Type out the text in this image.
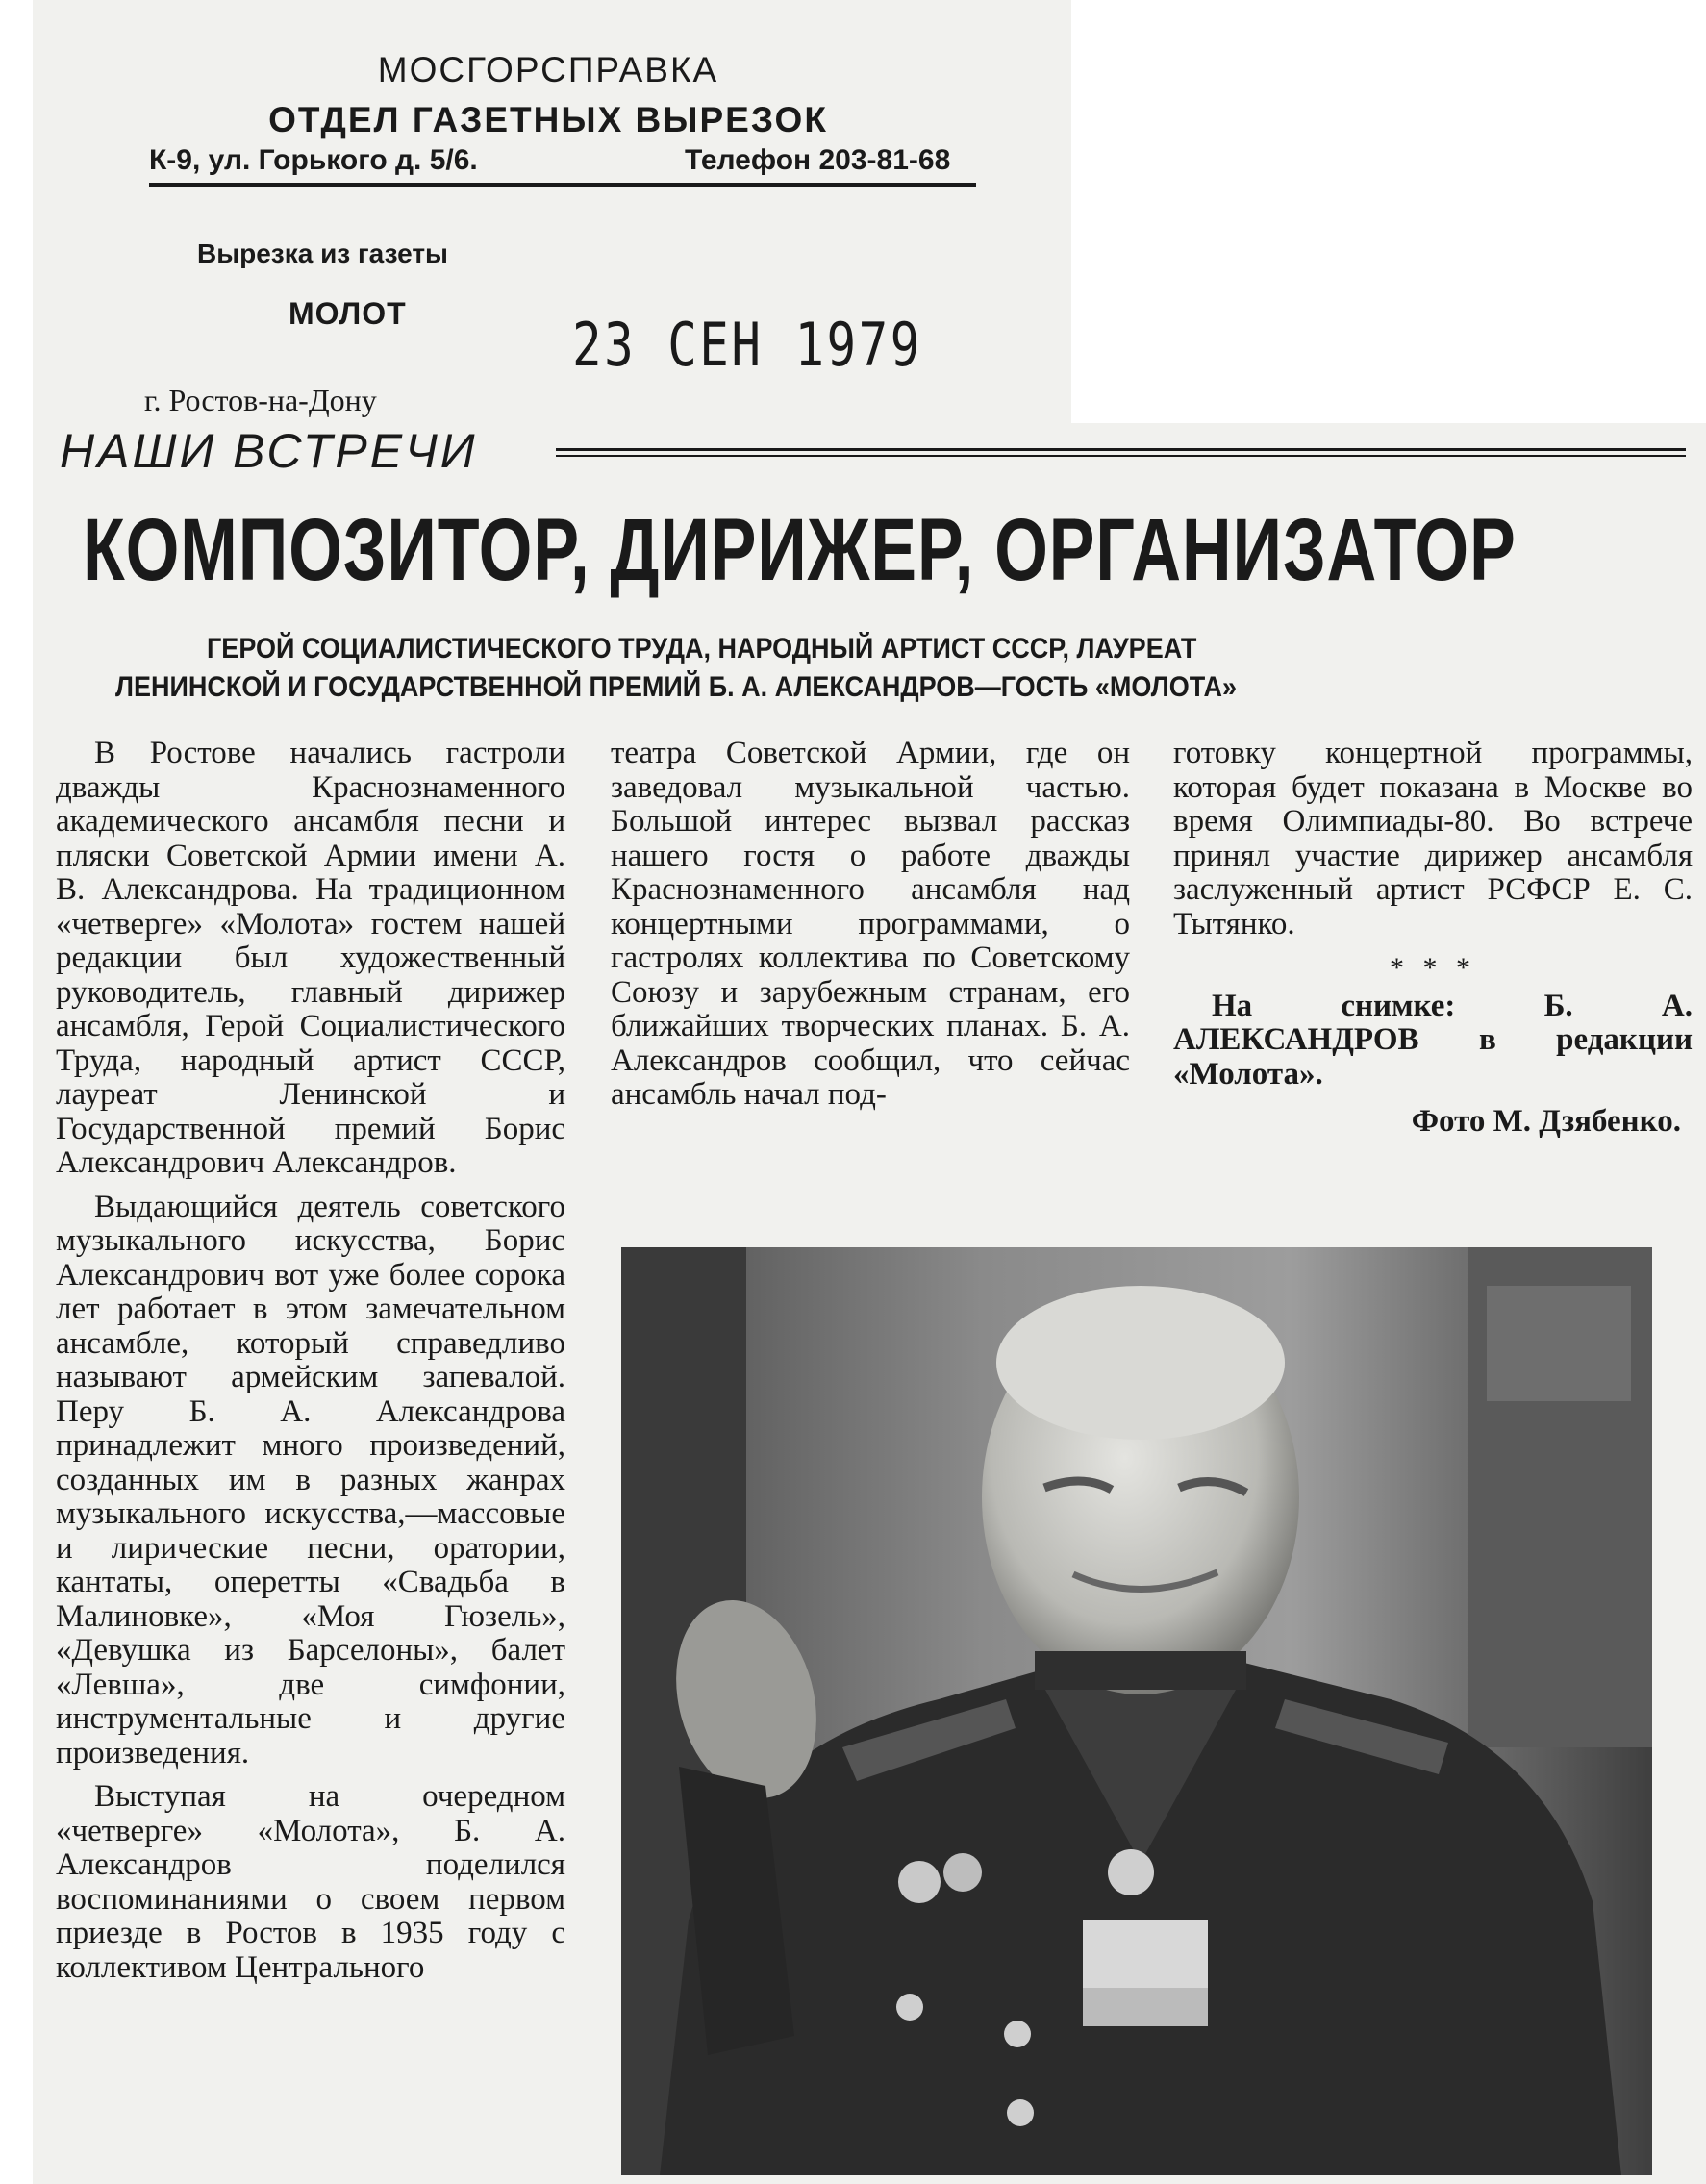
МОСГОРСПРАВКА
ОТДЕЛ ГАЗЕТНЫХ ВЫРЕЗОК
К-9, ул. Горького д. 5/6.	Телефон 203-81-68
Вырезка из газеты
МОЛОТ	23 СЕН 1979
г. Ростов-на-Дону
НАШИ ВСТРЕЧИ
КОМПОЗИТОР, ДИРИЖЕР, ОРГАНИЗАТОР
ГЕРОЙ СОЦИАЛИСТИЧЕСКОГО ТРУДА, НАРОДНЫЙ АРТИСТ СССР, ЛАУРЕАТ
ЛЕНИНСКОЙ И ГОСУДАРСТВЕННОЙ ПРЕМИЙ Б. А. АЛЕКСАНДРОВ—ГОСТЬ «МОЛОТА»

В Ростове начались гастроли дважды Краснознаменного академического ансамбля песни и пляски Советской Армии имени А. В. Александрова. На традиционном «четверге» «Молота» гостем нашей редакции был художественный руководитель, главный дирижер ансамбля, Герой Социалистического Труда, народный артист СССР, лауреат Ленинской и Государственной премий Борис Александрович Александров.

Выдающийся деятель советского музыкального искусства, Борис Александрович вот уже более сорока лет работает в этом замечательном ансамбле, который справедливо называют армейским запевалой. Перу Б. А. Александрова принадлежит много произведений, созданных им в разных жанрах музыкального искусства,—массовые и лирические песни, оратории, кантаты, оперетты «Свадьба в Малиновке», «Моя Гюзель», «Девушка из Барселоны», балет «Левша», две симфонии, инструментальные и другие произведения.

Выступая на очередном «четверге» «Молота», Б. А. Александров поделился воспоминаниями о своем первом приезде в Ростов в 1935 году с коллективом Центрального

театра Советской Армии, где он заведовал музыкальной частью. Большой интерес вызвал рассказ нашего гостя о работе дважды Краснознаменного ансамбля над концертными программами, о гастролях коллектива по Советскому Союзу и зарубежным странам, его ближайших творческих планах. Б. А. Александров сообщил, что сейчас ансамбль начал под-

готовку концертной программы, которая будет показана в Москве во время Олимпиады-80. Во встрече принял участие дирижер ансамбля заслуженный артист РСФСР Е. С. Тытянко.

* * *

На снимке: Б. А. АЛЕКСАНДРОВ в редакции «Молота».

Фото М. Дзябенко.
